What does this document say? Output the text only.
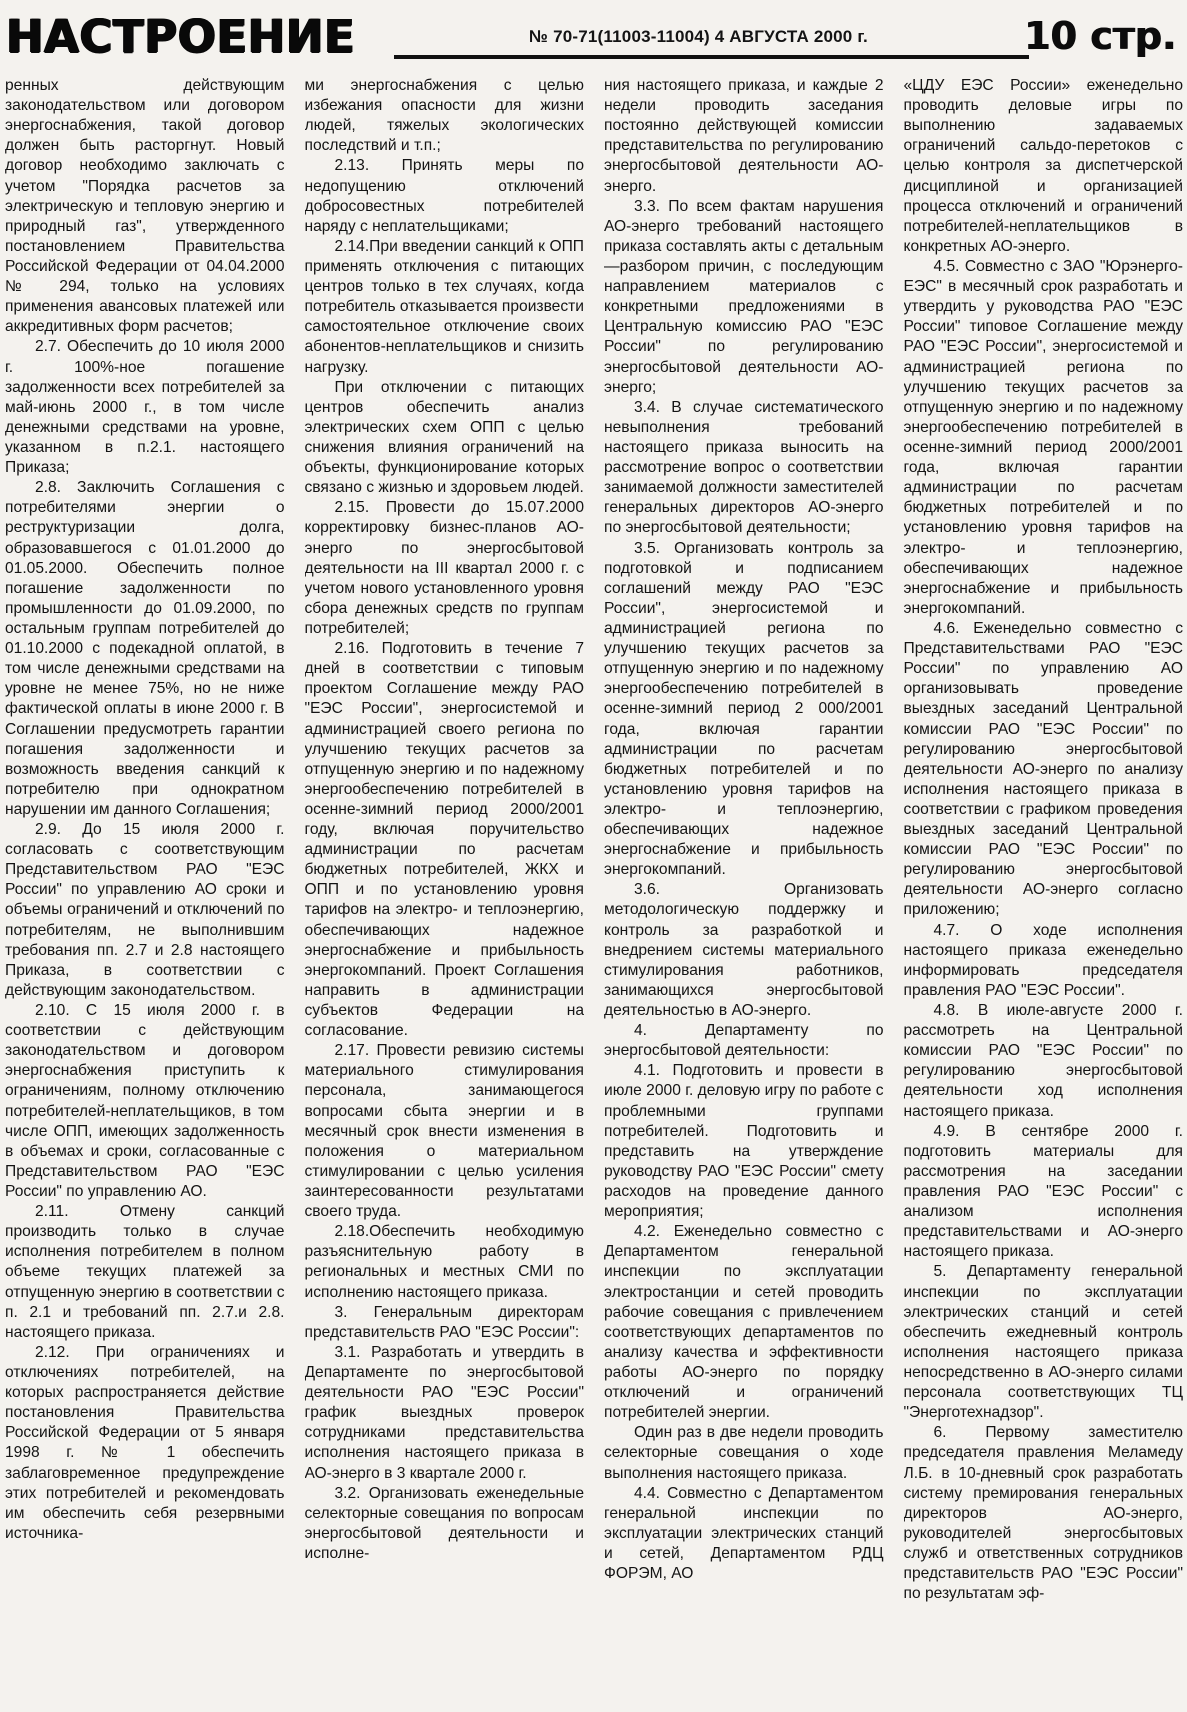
НАСТРОЕНИЕ	№ 70-71(11003-11004) 4 АВГУСТА 2000 г.	10 стр.

ренных действующим законодательством или договором энергоснабжения, такой договор должен быть расторгнут. Новый договор необходимо заключать с учетом "Порядка расчетов за электрическую и тепловую энергию и природный газ", утвержденного постановлением Правительства Российской Федерации от 04.04.2000 № 294, только на условиях применения авансовых платежей или аккредитивных форм расчетов;

2.7. Обеспечить до 10 июля 2000 г. 100%-ное погашение задолженности всех потребителей за май-июнь 2000 г., в том числе денежными средствами на уровне, указанном в п.2.1. настоящего Приказа;

2.8. Заключить Соглашения с потребителями энергии о реструктуризации долга, образовавшегося с 01.01.2000 до 01.05.2000. Обеспечить полное погашение задолженности по промышленности до 01.09.2000, по остальным группам потребителей до 01.10.2000 с подекадной оплатой, в том числе денежными средствами на уровне не менее 75%, но не ниже фактической оплаты в июне 2000 г. В Соглашении предусмотреть гарантии погашения задолженности и возможность введения санкций к потребителю при однократном нарушении им данного Соглашения;

2.9. До 15 июля 2000 г. согласовать с соответствующим Представительством РАО "ЕЭС России" по управлению АО сроки и объемы ограничений и отключений по потребителям, не выполнившим требования пп. 2.7 и 2.8 настоящего Приказа, в соответствии с действующим законодательством.

2.10. С 15 июля 2000 г. в соответствии с действующим законодательством и договором энергоснабжения приступить к ограничениям, полному отключению потребителей-неплательщиков, в том числе ОПП, имеющих задолженность в объемах и сроки, согласованные с Представительством РАО "ЕЭС России" по управлению АО.

2.11. Отмену санкций производить только в случае исполнения потребителем в полном объеме текущих платежей за отпущенную энергию в соответствии с п. 2.1 и требований пп. 2.7.и 2.8. настоящего приказа.

2.12. При ограничениях и отключениях потребителей, на которых распространяется действие постановления Правительства Российской Федерации от 5 января 1998 г. № 1 обеспечить заблаговременное предупреждение этих потребителей и рекомендовать им обеспечить себя резервными источника-

ми энергоснабжения с целью избежания опасности для жизни людей, тяжелых экологических последствий и т.п.;

2.13. Принять меры по недопущению отключений добросовестных потребителей наряду с неплательщиками;

2.14.При введении санкций к ОПП применять отключения с питающих центров только в тех случаях, когда потребитель отказывается произвести самостоятельное отключение своих абонентов-неплательщиков и снизить нагрузку.

При отключении с питающих центров обеспечить анализ электрических схем ОПП с целью снижения влияния ограничений на объекты, функционирование которых связано с жизнью и здоровьем людей.

2.15. Провести до 15.07.2000 корректировку бизнес-планов АО-энерго по энергосбытовой деятельности на III квартал 2000 г. с учетом нового установленного уровня сбора денежных средств по группам потребителей;

2.16. Подготовить в течение 7 дней в соответствии с типовым проектом Соглашение между РАО "ЕЭС России", энергосистемой и администрацией своего региона по улучшению текущих расчетов за отпущенную энергию и по надежному энергообеспечению потребителей в осенне-зимний период 2000/2001 году, включая поручительство администрации по расчетам бюджетных потребителей, ЖКХ и ОПП и по установлению уровня тарифов на электро- и теплоэнергию, обеспечивающих надежное энергоснабжение и прибыльность энергокомпаний. Проект Соглашения направить в администрации субъектов Федерации на согласование.

2.17. Провести ревизию системы материального стимулирования персонала, занимающегося вопросами сбыта энергии и в месячный срок внести изменения в положения о материальном стимулировании с целью усиления заинтересованности результатами своего труда.

2.18.Обеспечить необходимую разъяснительную работу в региональных и местных СМИ по исполнению настоящего приказа.

3. Генеральным директорам представительств РАО "ЕЭС России":

3.1. Разработать и утвердить в Департаменте по энергосбытовой деятельности РАО "ЕЭС России" график выездных проверок сотрудниками представительства исполнения настоящего приказа в АО-энерго в 3 квартале 2000 г.

3.2. Организовать еженедельные селекторные совещания по вопросам энергосбытовой деятельности и исполне-

ния настоящего приказа, и каждые 2 недели проводить заседания постоянно действующей комиссии представительства по регулированию энергосбытовой деятельности АО-энерго.

3.3. По всем фактам нарушения АО-энерго требований настоящего приказа составлять акты с детальным—разбором причин, с последующим направлением материалов с конкретными предложениями в Центральную комиссию РАО "ЕЭС России" по регулированию энергосбытовой деятельности АО-энерго;

3.4. В случае систематического невыполнения требований настоящего приказа выносить на рассмотрение вопрос о соответствии занимаемой должности заместителей генеральных директоров АО-энерго по энергосбытовой деятельности;

3.5. Организовать контроль за подготовкой и подписанием соглашений между РАО "ЕЭС России", энергосистемой и администрацией региона по улучшению текущих расчетов за отпущенную энергию и по надежному энергообеспечению потребителей в осенне-зимний период 2 000/2001 года, включая гарантии администрации по расчетам бюджетных потребителей и по установлению уровня тарифов на электро- и теплоэнергию, обеспечивающих надежное энергоснабжение и прибыльность энергокомпаний.

3.6. Организовать методологическую поддержку и контроль за разработкой и внедрением системы материального стимулирования работников, занимающихся энергосбытовой деятельностью в АО-энерго.

4. Департаменту по энергосбытовой деятельности:

4.1. Подготовить и провести в июле 2000 г. деловую игру по работе с проблемными группами потребителей. Подготовить и представить на утверждение руководству РАО "ЕЭС России" смету расходов на проведение данного мероприятия;

4.2. Еженедельно совместно с Департаментом генеральной инспекции по эксплуатации электростанции и сетей проводить рабочие совещания с привлечением соответствующих департаментов по анализу качества и эффективности работы АО-энерго по порядку отключений и ограничений потребителей энергии.

Один раз в две недели проводить селекторные совещания о ходе выполнения настоящего приказа.

4.4. Совместно с Департаментом генеральной инспекции по эксплуатации электрических станций и сетей, Департаментом РДЦ ФОРЭМ, АО

«ЦДУ ЕЭС России» еженедельно проводить деловые игры по выполнению задаваемых ограничений сальдо-перетоков с целью контроля за диспетчерской дисциплиной и организацией процесса отключений и ограничений потребителей-неплательщиков в конкретных АО-энерго.

4.5. Совместно с ЗАО "Юрэнерго-ЕЭС" в месячный срок разработать и утвердить у руководства РАО "ЕЭС России" типовое Соглашение между РАО "ЕЭС России", энергосистемой и администрацией региона по улучшению текущих расчетов за отпущенную энергию и по надежному энергообеспечению потребителей в осенне-зимний период 2000/2001 года, включая гарантии администрации по расчетам бюджетных потребителей и по установлению уровня тарифов на электро- и теплоэнергию, обеспечивающих надежное энергоснабжение и прибыльность энергокомпаний.

4.6. Еженедельно совместно с Представительствами РАО "ЕЭС России" по управлению АО организовывать проведение выездных заседаний Центральной комиссии РАО "ЕЭС России" по регулированию энергосбытовой деятельности АО-энерго по анализу исполнения настоящего приказа в соответствии с графиком проведения выездных заседаний Центральной комиссии РАО "ЕЭС России" по регулированию энергосбытовой деятельности АО-энерго согласно приложению;

4.7. О ходе исполнения настоящего приказа еженедельно информировать председателя правления РАО "ЕЭС России".

4.8. В июле-августе 2000 г. рассмотреть на Центральной комиссии РАО "ЕЭС России" по регулированию энергосбытовой деятельности ход исполнения настоящего приказа.

4.9. В сентябре 2000 г. подготовить материалы для рассмотрения на заседании правления РАО "ЕЭС России" с анализом исполнения представительствами и АО-энерго настоящего приказа.

5. Департаменту генеральной инспекции по эксплуатации электрических станций и сетей обеспечить ежедневный контроль исполнения настоящего приказа непосредственно в АО-энерго силами персонала соответствующих ТЦ "Энерготехнадзор".

6. Первому заместителю председателя правления Меламеду Л.Б. в 10-дневный срок разработать систему премирования генеральных директоров АО-энерго, руководителей энергосбытовых служб и ответственных сотрудников представительств РАО "ЕЭС России" по результатам эф-
